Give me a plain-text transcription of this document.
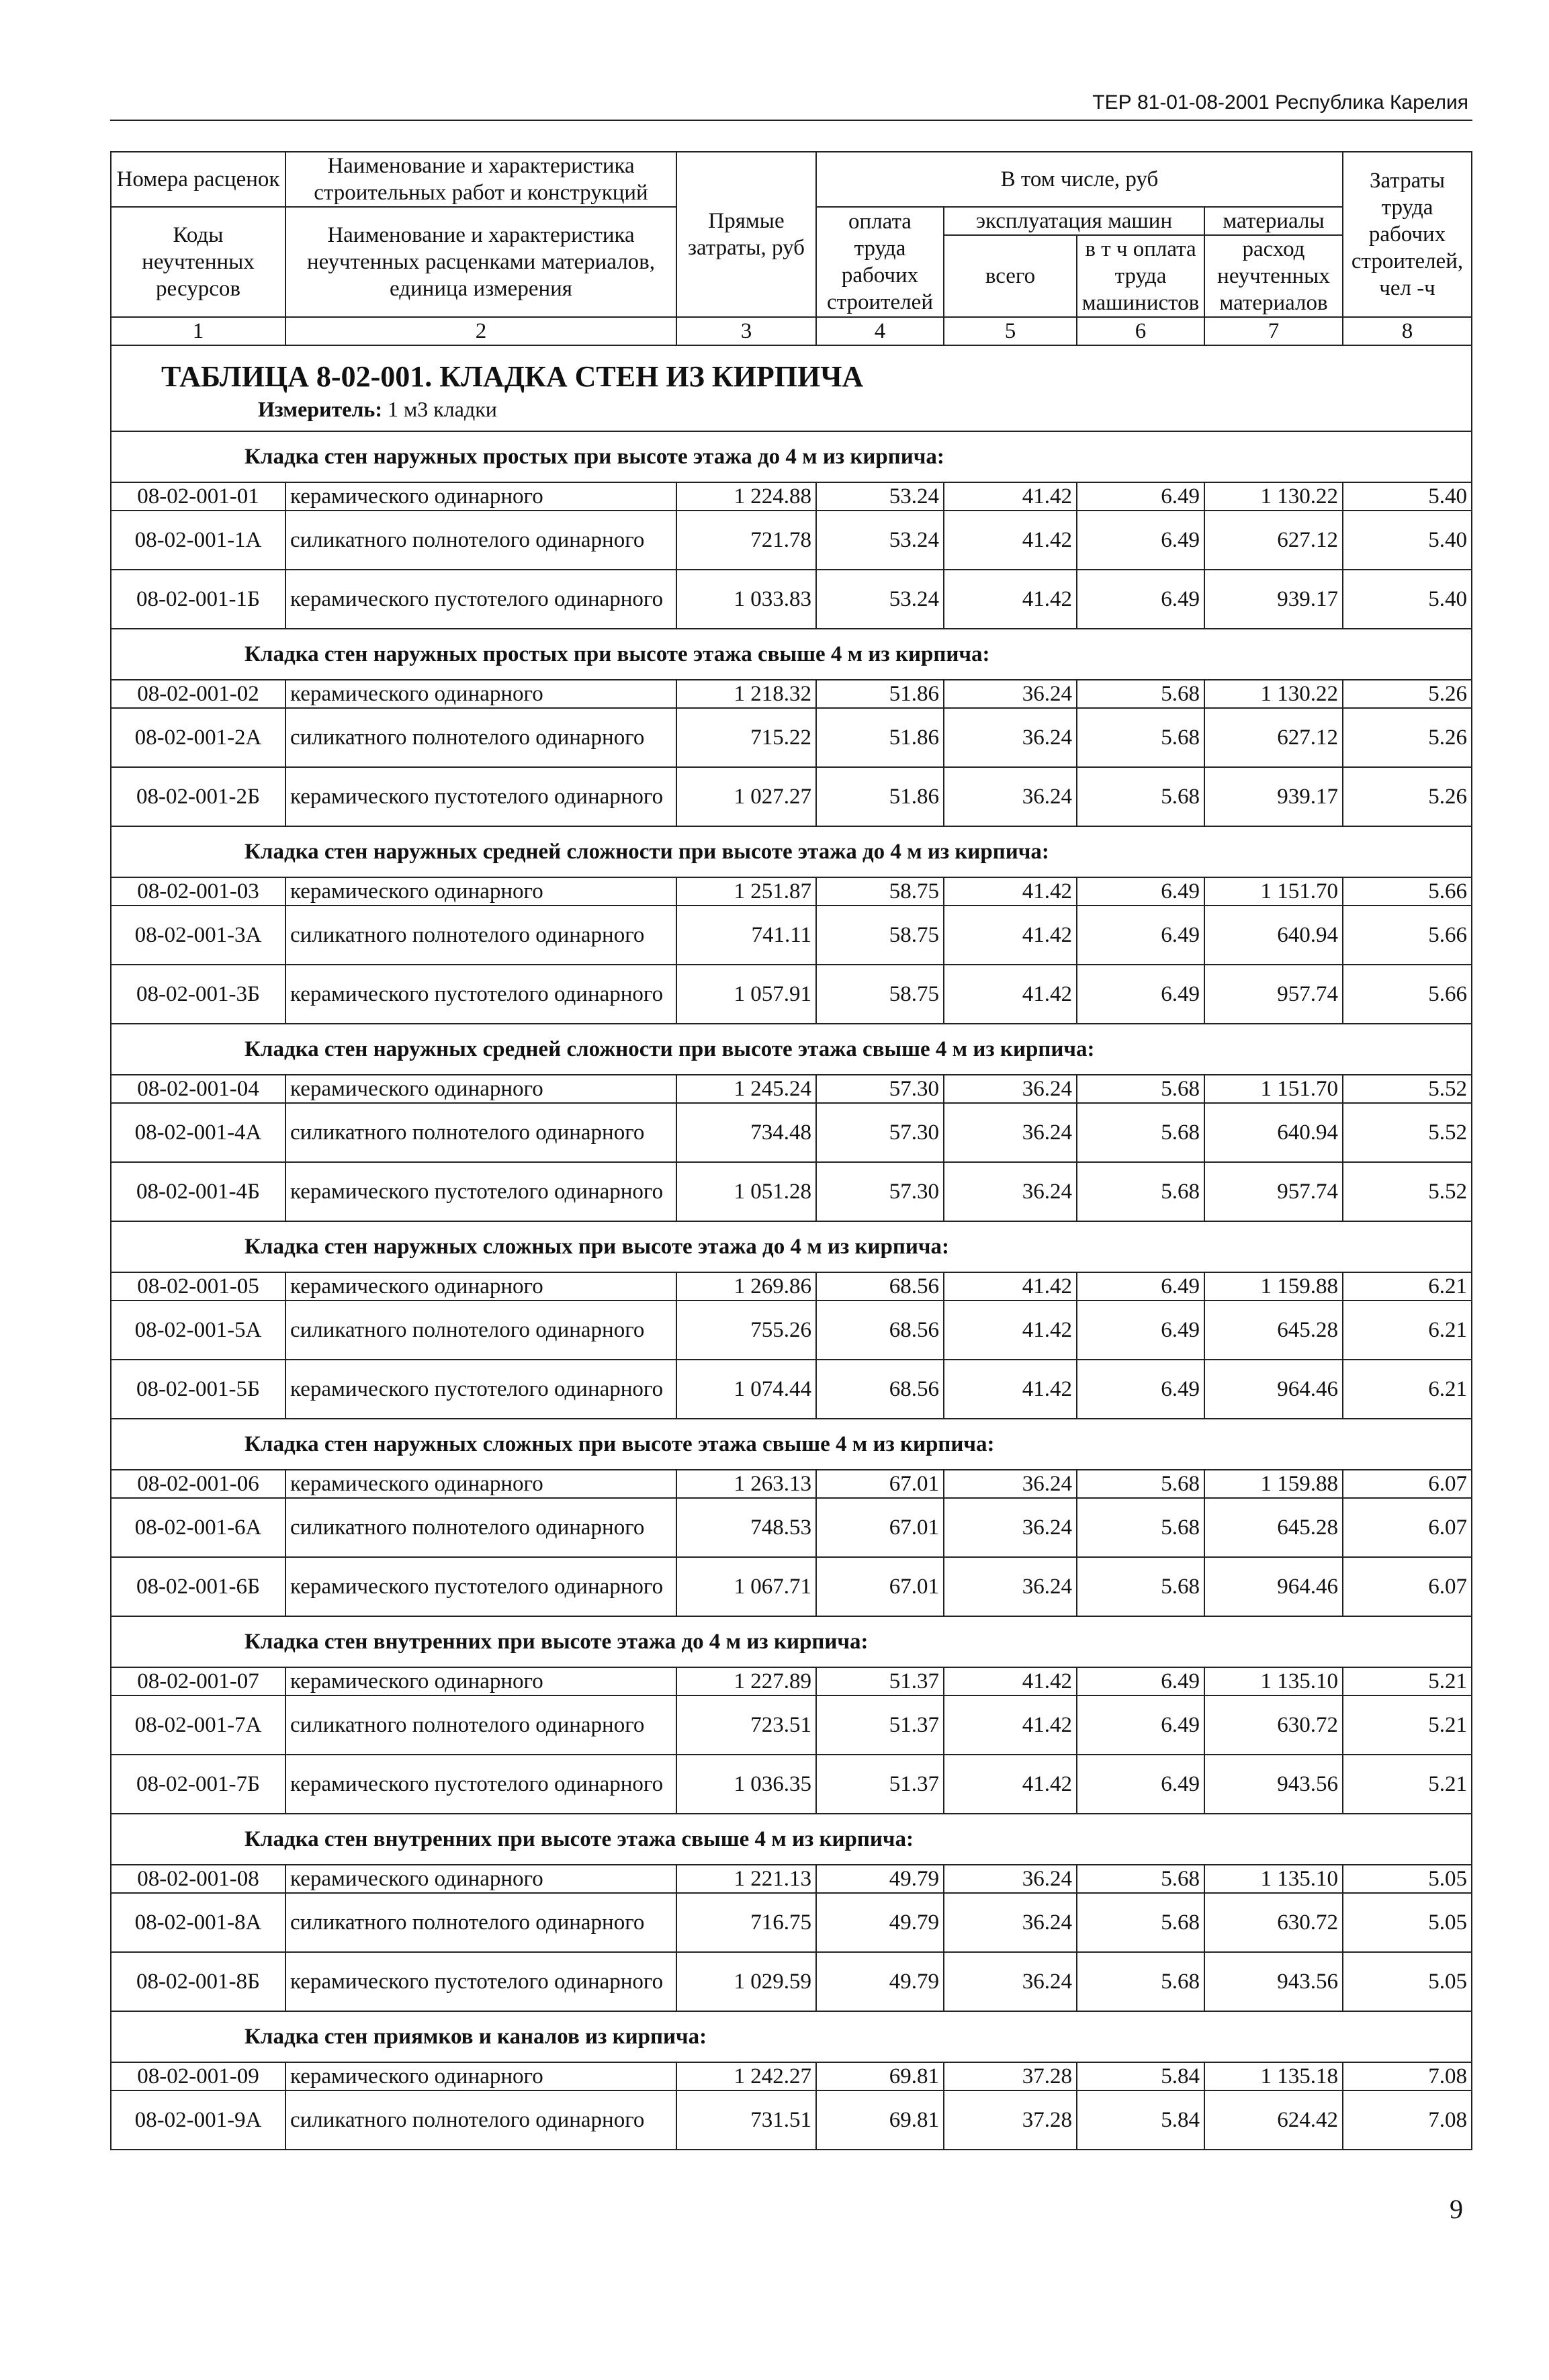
ТЕР 81-01-08-2001 Республика Карелия
Номера расценок	Наименование и характеристика строительных работ и конструкций	Прямые затраты, руб	В том числе, руб				Затраты труда рабочих строителей, чел -ч
Коды неучтенных ресурсов	Наименование и характеристика неучтенных расценками материалов, единица измерения		оплата труда рабочих строителей	эксплуатация машин		материалы	

				всего	в т ч оплата труда машинистов	расход неучтенных материалов	
1	2	3	4	5	6	7	8

ТАБЛИЦА 8-02-001. КЛАДКА СТЕН ИЗ КИРПИЧА
Измеритель: 1 м3 кладки							

Кладка стен наружных простых при высоте этажа до 4 м из кирпича:							
08-02-001-01	керамического одинарного	1 224.88	53.24	41.42	6.49	1 130.22	5.40
08-02-001-1А	силикатного полнотелого одинарного	721.78	53.24	41.42	6.49	627.12	5.40
08-02-001-1Б	керамического пустотелого одинарного	1 033.83	53.24	41.42	6.49	939.17	5.40
Кладка стен наружных простых при высоте этажа свыше 4 м из кирпича:							
08-02-001-02	керамического одинарного	1 218.32	51.86	36.24	5.68	1 130.22	5.26
08-02-001-2А	силикатного полнотелого одинарного	715.22	51.86	36.24	5.68	627.12	5.26
08-02-001-2Б	керамического пустотелого одинарного	1 027.27	51.86	36.24	5.68	939.17	5.26
Кладка стен наружных средней сложности при высоте этажа до 4 м из кирпича:							
08-02-001-03	керамического одинарного	1 251.87	58.75	41.42	6.49	1 151.70	5.66
08-02-001-3А	силикатного полнотелого одинарного	741.11	58.75	41.42	6.49	640.94	5.66
08-02-001-3Б	керамического пустотелого одинарного	1 057.91	58.75	41.42	6.49	957.74	5.66
Кладка стен наружных средней сложности при высоте этажа свыше 4 м из кирпича:							
08-02-001-04	керамического одинарного	1 245.24	57.30	36.24	5.68	1 151.70	5.52
08-02-001-4А	силикатного полнотелого одинарного	734.48	57.30	36.24	5.68	640.94	5.52
08-02-001-4Б	керамического пустотелого одинарного	1 051.28	57.30	36.24	5.68	957.74	5.52
Кладка стен наружных сложных при высоте этажа до 4 м из кирпича:							
08-02-001-05	керамического одинарного	1 269.86	68.56	41.42	6.49	1 159.88	6.21
08-02-001-5А	силикатного полнотелого одинарного	755.26	68.56	41.42	6.49	645.28	6.21
08-02-001-5Б	керамического пустотелого одинарного	1 074.44	68.56	41.42	6.49	964.46	6.21
Кладка стен наружных сложных при высоте этажа свыше 4 м из кирпича:							
08-02-001-06	керамического одинарного	1 263.13	67.01	36.24	5.68	1 159.88	6.07
08-02-001-6А	силикатного полнотелого одинарного	748.53	67.01	36.24	5.68	645.28	6.07
08-02-001-6Б	керамического пустотелого одинарного	1 067.71	67.01	36.24	5.68	964.46	6.07
Кладка стен внутренних при высоте этажа до 4 м из кирпича:							
08-02-001-07	керамического одинарного	1 227.89	51.37	41.42	6.49	1 135.10	5.21
08-02-001-7А	силикатного полнотелого одинарного	723.51	51.37	41.42	6.49	630.72	5.21
08-02-001-7Б	керамического пустотелого одинарного	1 036.35	51.37	41.42	6.49	943.56	5.21
Кладка стен внутренних при высоте этажа свыше 4 м из кирпича:							
08-02-001-08	керамического одинарного	1 221.13	49.79	36.24	5.68	1 135.10	5.05
08-02-001-8А	силикатного полнотелого одинарного	716.75	49.79	36.24	5.68	630.72	5.05
08-02-001-8Б	керамического пустотелого одинарного	1 029.59	49.79	36.24	5.68	943.56	5.05
Кладка стен приямков и каналов из кирпича:							
08-02-001-09	керамического одинарного	1 242.27	69.81	37.28	5.84	1 135.18	7.08
08-02-001-9А	силикатного полнотелого одинарного	731.51	69.81	37.28	5.84	624.42	7.08
9
